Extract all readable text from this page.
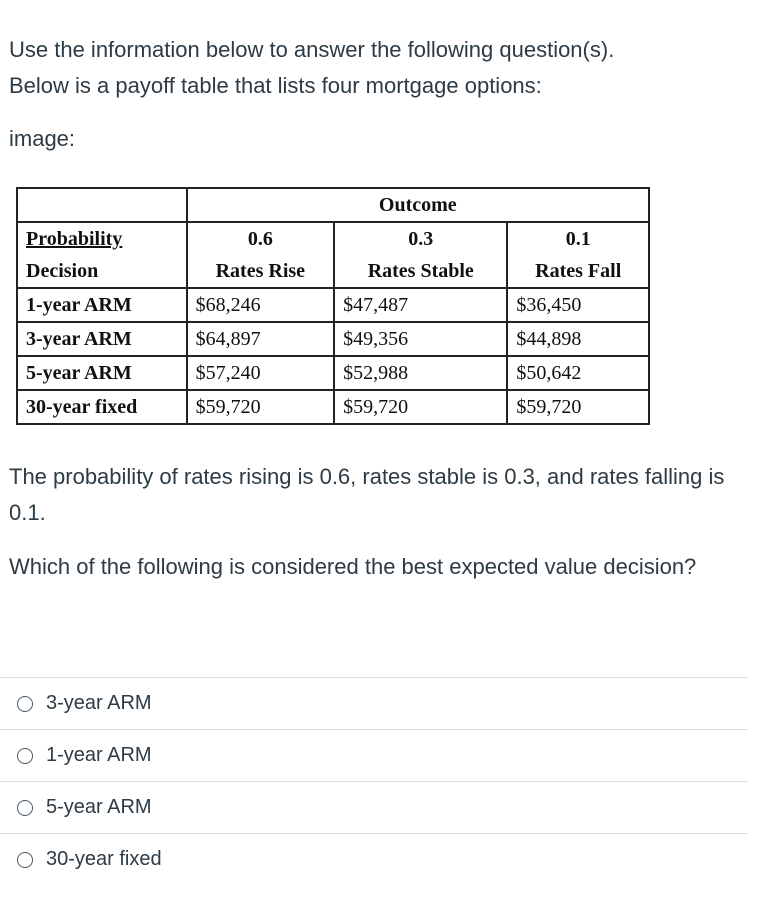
Use the information below to answer the following question(s).
Below is a payoff table that lists four mortgage options:
image:
	Outcome		
Probability	0.6	0.3	0.1
Decision	Rates Rise	Rates Stable	Rates Fall
1-year ARM	$68,246	$47,487	$36,450
3-year ARM	$64,897	$49,356	$44,898
5-year ARM	$57,240	$52,988	$50,642
30-year fixed	$59,720	$59,720	$59,720
The probability of rates rising is 0.6, rates stable is 0.3, and rates falling is 0.1.
Which of the following is considered the best expected value decision?
3-year ARM
1-year ARM
5-year ARM
30-year fixed
